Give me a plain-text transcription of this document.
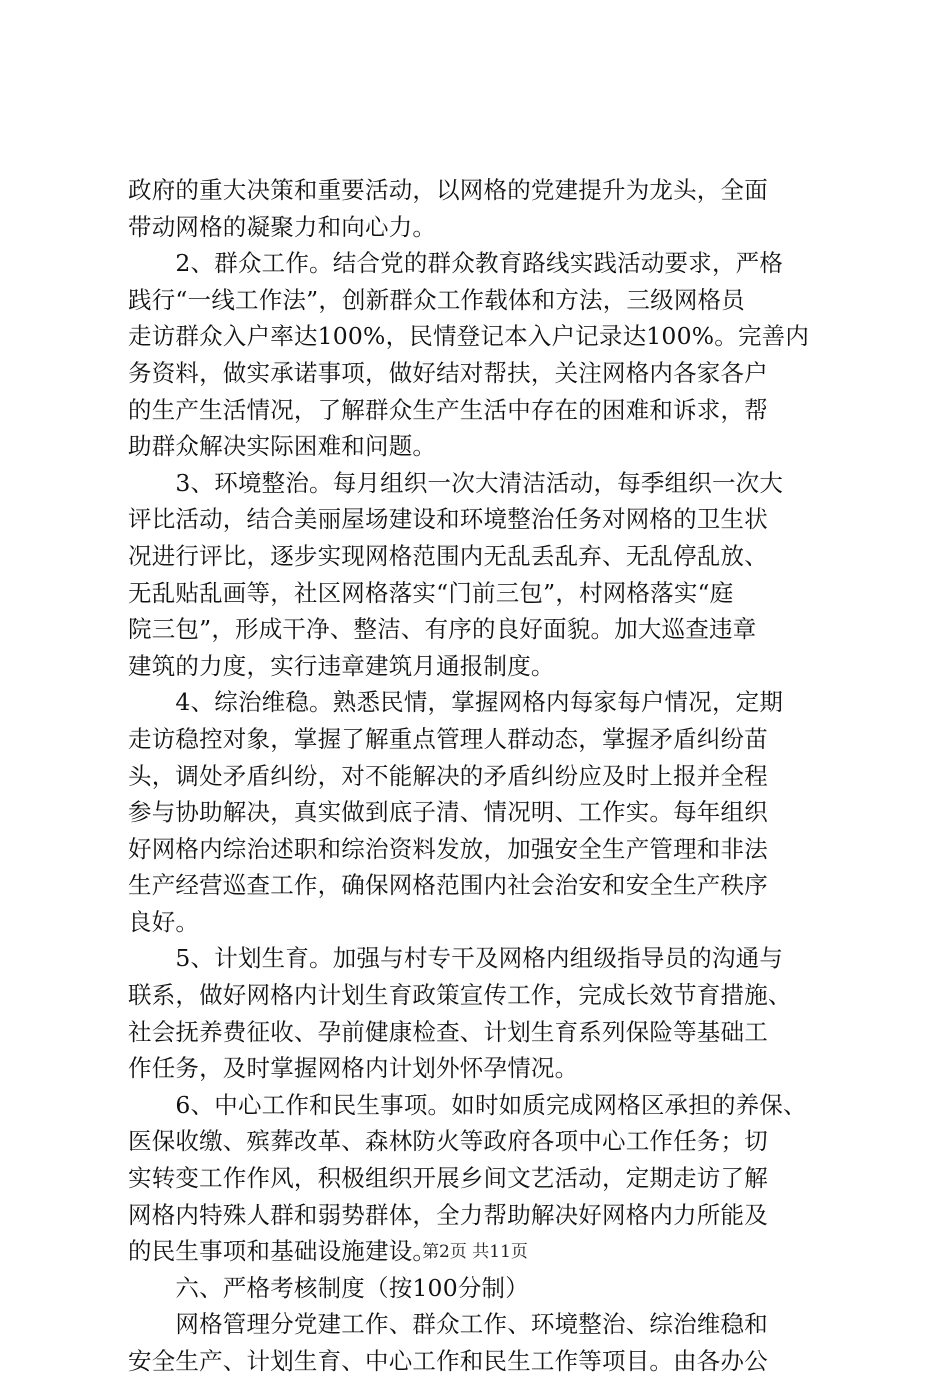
政府的重大决策和重要活动，以网格的党建提升为龙头，全面
带动网格的凝聚力和向心力。
　　2、群众工作。结合党的群众教育路线实践活动要求，严格
践行“一线工作法”，创新群众工作载体和方法，三级网格员
走访群众入户率达100%，民情登记本入户记录达100%。完善内
务资料，做实承诺事项，做好结对帮扶，关注网格内各家各户
的生产生活情况，了解群众生产生活中存在的困难和诉求，帮
助群众解决实际困难和问题。
　　3、环境整治。每月组织一次大清洁活动，每季组织一次大
评比活动，结合美丽屋场建设和环境整治任务对网格的卫生状
况进行评比，逐步实现网格范围内无乱丢乱弃、无乱停乱放、
无乱贴乱画等，社区网格落实“门前三包”，村网格落实“庭
院三包”，形成干净、整洁、有序的良好面貌。加大巡查违章
建筑的力度，实行违章建筑月通报制度。
　　4、综治维稳。熟悉民情，掌握网格内每家每户情况，定期
走访稳控对象，掌握了解重点管理人群动态，掌握矛盾纠纷苗
头，调处矛盾纠纷，对不能解决的矛盾纠纷应及时上报并全程
参与协助解决，真实做到底子清、情况明、工作实。每年组织
好网格内综治述职和综治资料发放，加强安全生产管理和非法
生产经营巡查工作，确保网格范围内社会治安和安全生产秩序
良好。
　　5、计划生育。加强与村专干及网格内组级指导员的沟通与
联系，做好网格内计划生育政策宣传工作，完成长效节育措施、
社会抚养费征收、孕前健康检查、计划生育系列保险等基础工
作任务，及时掌握网格内计划外怀孕情况。
　　6、中心工作和民生事项。如时如质完成网格区承担的养保、
医保收缴、殡葬改革、森林防火等政府各项中心工作任务；切
实转变工作作风，积极组织开展乡间文艺活动，定期走访了解
网格内特殊人群和弱势群体，全力帮助解决好网格内力所能及
的民生事项和基础设施建设。
　　六、严格考核制度（按100分制）
　　网格管理分党建工作、群众工作、环境整治、综治维稳和
安全生产、计划生育、中心工作和民生工作等项目。由各办公
第2页 共11页
